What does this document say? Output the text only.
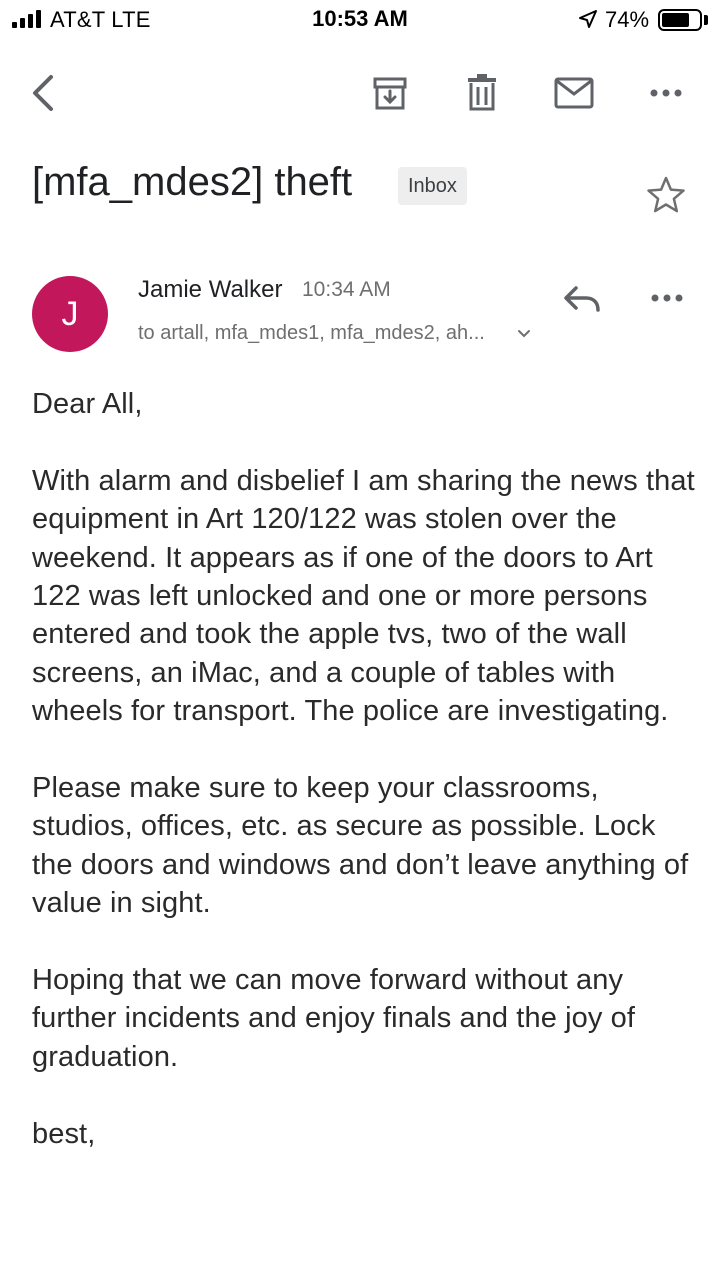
AT&T LTE	10:53 AM	74%
[mfa_mdes2] theft	Inbox
J
Jamie Walker 10:34 AM
to artall, mfa_mdes1, mfa_mdes2, ah...

Dear All,

With alarm and disbelief I am sharing the news that equipment in Art 120/122 was stolen over the weekend. It appears as if one of the doors to Art 122 was left unlocked and one or more persons entered and took the apple tvs, two of the wall screens, an iMac, and a couple of tables with wheels for transport. The police are investigating.

Please make sure to keep your classrooms, studios, offices, etc. as secure as possible. Lock the doors and windows and don’t leave anything of value in sight.

Hoping that we can move forward without any further incidents and enjoy finals and the joy of graduation.

best,
